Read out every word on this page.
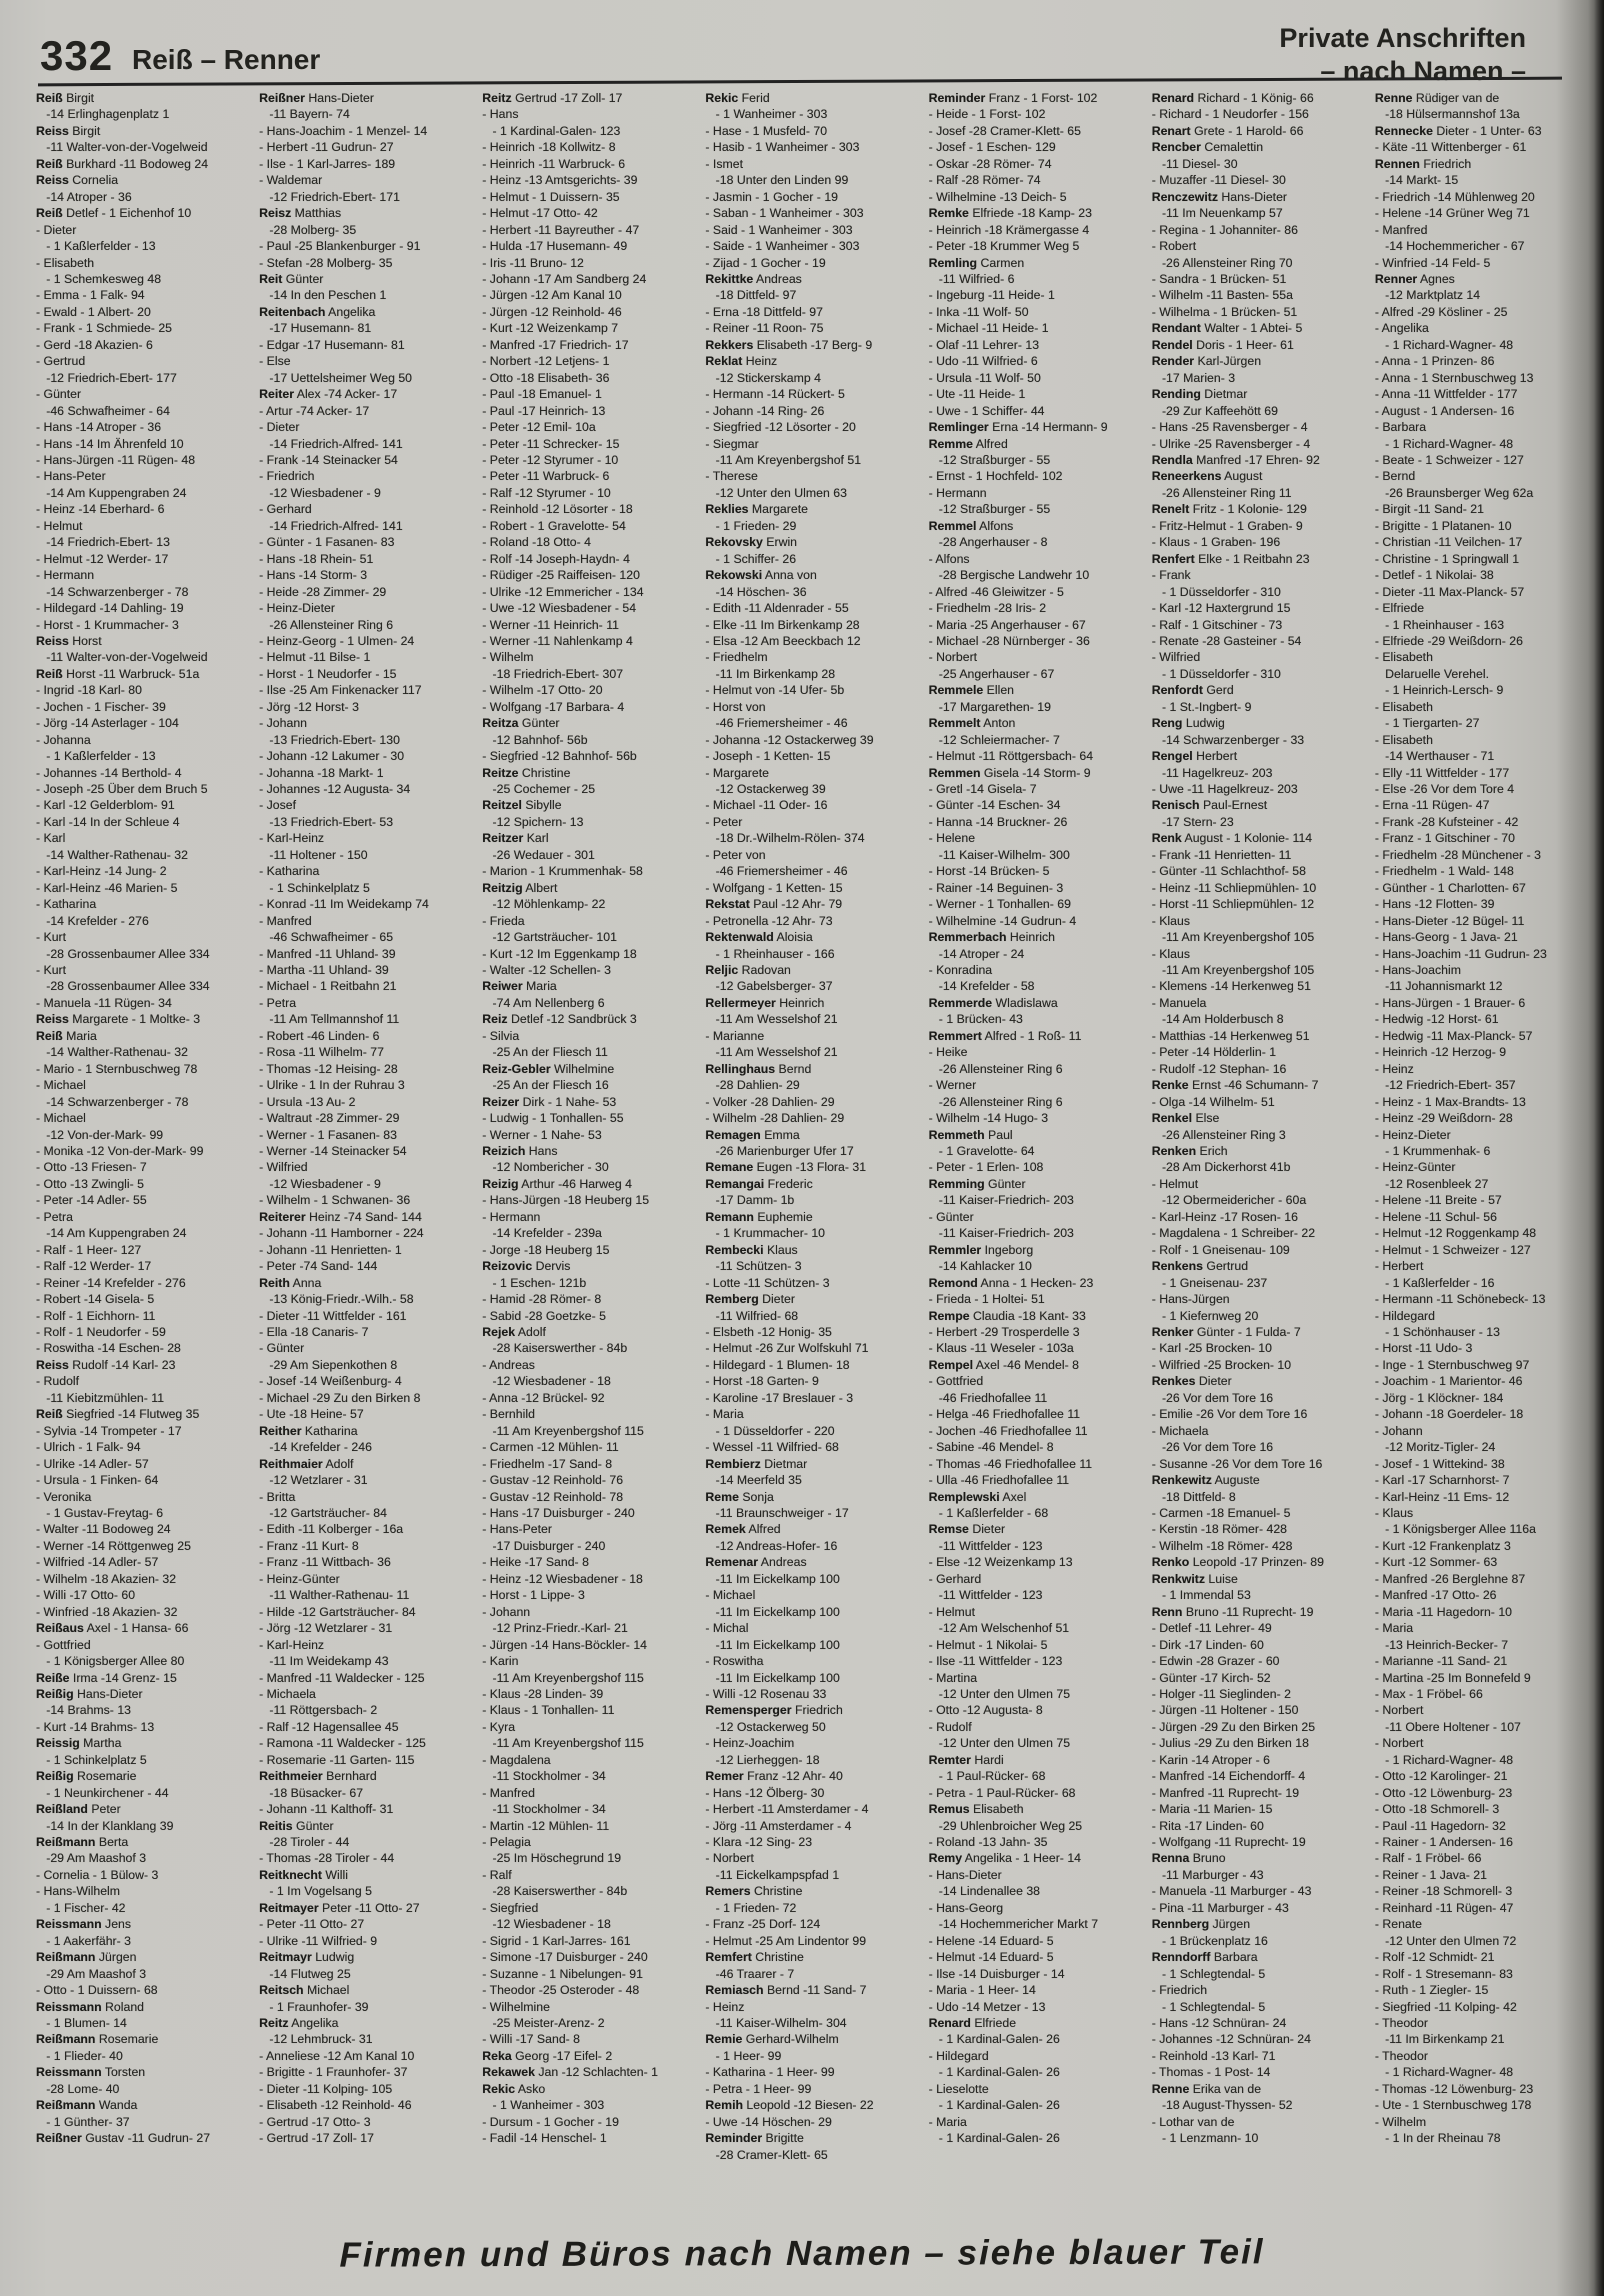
332 Reiß – Renner
Private Anschriften
– nach Namen –
Reiß Birgit
-14 Erlinghagenplatz 1
Reiss Birgit
-11 Walter-von-der-Vogelweid
Reiß Burkhard -11 Bodoweg 24
Reiss Cornelia
-14 Atroper - 36
Reiß Detlef - 1 Eichenhof 10
- Dieter
- 1 Kaßlerfelder - 13
- Elisabeth
- 1 Schemkesweg 48
- Emma - 1 Falk- 94
- Ewald - 1 Albert- 20
- Frank - 1 Schmiede- 25
- Gerd -18 Akazien- 6
- Gertrud
-12 Friedrich-Ebert- 177
- Günter
-46 Schwafheimer - 64
- Hans -14 Atroper - 36
- Hans -14 Im Ährenfeld 10
- Hans-Jürgen -11 Rügen- 48
- Hans-Peter
-14 Am Kuppengraben 24
- Heinz -14 Eberhard- 6
- Helmut
-14 Friedrich-Ebert- 13
- Helmut -12 Werder- 17
- Hermann
-14 Schwarzenberger - 78
- Hildegard -14 Dahling- 19
- Horst - 1 Krummacher- 3
Reiss Horst
-11 Walter-von-der-Vogelweid
Reiß Horst -11 Warbruck- 51a
- Ingrid -18 Karl- 80
- Jochen - 1 Fischer- 39
- Jörg -14 Asterlager - 104
- Johanna
- 1 Kaßlerfelder - 13
- Johannes -14 Berthold- 4
- Joseph -25 Über dem Bruch 5
- Karl -12 Gelderblom- 91
- Karl -14 In der Schleue 4
- Karl
-14 Walther-Rathenau- 32
- Karl-Heinz -14 Jung- 2
- Karl-Heinz -46 Marien- 5
- Katharina
-14 Krefelder - 276
- Kurt
-28 Grossenbaumer Allee 334
- Kurt
-28 Grossenbaumer Allee 334
- Manuela -11 Rügen- 34
Reiss Margarete - 1 Moltke- 3
Reiß Maria
-14 Walther-Rathenau- 32
- Mario - 1 Sternbuschweg 78
- Michael
-14 Schwarzenberger - 78
- Michael
-12 Von-der-Mark- 99
- Monika -12 Von-der-Mark- 99
- Otto -13 Friesen- 7
- Otto -13 Zwingli- 5
- Peter -14 Adler- 55
- Petra
-14 Am Kuppengraben 24
- Ralf - 1 Heer- 127
- Ralf -12 Werder- 17
- Reiner -14 Krefelder - 276
- Robert -14 Gisela- 5
- Rolf - 1 Eichhorn- 11
- Rolf - 1 Neudorfer - 59
- Roswitha -14 Eschen- 28
Reiss Rudolf -14 Karl- 23
- Rudolf
-11 Kiebitzmühlen- 11
Reiß Siegfried -14 Flutweg 35
- Sylvia -14 Trompeter - 17
- Ulrich - 1 Falk- 94
- Ulrike -14 Adler- 57
- Ursula - 1 Finken- 64
- Veronika
- 1 Gustav-Freytag- 6
- Walter -11 Bodoweg 24
- Werner -14 Röttgenweg 25
- Wilfried -14 Adler- 57
- Wilhelm -18 Akazien- 32
- Willi -17 Otto- 60
- Winfried -18 Akazien- 32
Reißaus Axel - 1 Hansa- 66
- Gottfried
- 1 Königsberger Allee 80
Reiße Irma -14 Grenz- 15
Reißig Hans-Dieter
-14 Brahms- 13
- Kurt -14 Brahms- 13
Reissig Martha
- 1 Schinkelplatz 5
Reißig Rosemarie
- 1 Neunkirchener - 44
Reißland Peter
-14 In der Klanklang 39
Reißmann Berta
-29 Am Maashof 3
- Cornelia - 1 Bülow- 3
- Hans-Wilhelm
- 1 Fischer- 42
Reissmann Jens
- 1 Aakerfähr- 3
Reißmann Jürgen
-29 Am Maashof 3
- Otto - 1 Duissern- 68
Reissmann Roland
- 1 Blumen- 14
Reißmann Rosemarie
- 1 Flieder- 40
Reissmann Torsten
-28 Lome- 40
Reißmann Wanda
- 1 Günther- 37
Reißner Gustav -11 Gudrun- 27
Reißner Hans-Dieter
-11 Bayern- 74
- Hans-Joachim - 1 Menzel- 14
- Herbert -11 Gudrun- 27
- Ilse - 1 Karl-Jarres- 189
- Waldemar
-12 Friedrich-Ebert- 171
Reisz Matthias
-28 Molberg- 35
- Paul -25 Blankenburger - 91
- Stefan -28 Molberg- 35
Reit Günter
-14 In den Peschen 1
Reitenbach Angelika
-17 Husemann- 81
- Edgar -17 Husemann- 81
- Else
-17 Uettelsheimer Weg 50
Reiter Alex -74 Acker- 17
- Artur -74 Acker- 17
- Dieter
-14 Friedrich-Alfred- 141
- Frank -14 Steinacker 54
- Friedrich
-12 Wiesbadener - 9
- Gerhard
-14 Friedrich-Alfred- 141
- Günter - 1 Fasanen- 83
- Hans -18 Rhein- 51
- Hans -14 Storm- 3
- Heide -28 Zimmer- 29
- Heinz-Dieter
-26 Allensteiner Ring 6
- Heinz-Georg - 1 Ulmen- 24
- Helmut -11 Bilse- 1
- Horst - 1 Neudorfer - 15
- Ilse -25 Am Finkenacker 117
- Jörg -12 Horst- 3
- Johann
-13 Friedrich-Ebert- 130
- Johann -12 Lakumer - 30
- Johanna -18 Markt- 1
- Johannes -12 Augusta- 34
- Josef
-13 Friedrich-Ebert- 53
- Karl-Heinz
-11 Holtener - 150
- Katharina
- 1 Schinkelplatz 5
- Konrad -11 Im Weidekamp 74
- Manfred
-46 Schwafheimer - 65
- Manfred -11 Uhland- 39
- Martha -11 Uhland- 39
- Michael - 1 Reitbahn 21
- Petra
-11 Am Tellmannshof 11
- Robert -46 Linden- 6
- Rosa -11 Wilhelm- 77
- Thomas -12 Heising- 28
- Ulrike - 1 In der Ruhrau 3
- Ursula -13 Au- 2
- Waltraut -28 Zimmer- 29
- Werner - 1 Fasanen- 83
- Werner -14 Steinacker 54
- Wilfried
-12 Wiesbadener - 9
- Wilhelm - 1 Schwanen- 36
Reiterer Heinz -74 Sand- 144
- Johann -11 Hamborner - 224
- Johann -11 Henrietten- 1
- Peter -74 Sand- 144
Reith Anna
-13 König-Friedr.-Wilh.- 58
- Dieter -11 Wittfelder - 161
- Ella -18 Canaris- 7
- Günter
-29 Am Siepenkothen 8
- Josef -14 Weißenburg- 4
- Michael -29 Zu den Birken 8
- Ute -18 Heine- 57
Reither Katharina
-14 Krefelder - 246
Reithmaier Adolf
-12 Wetzlarer - 31
- Britta
-12 Gartsträucher- 84
- Edith -11 Kolberger - 16a
- Franz -11 Kurt- 8
- Franz -11 Wittbach- 36
- Heinz-Günter
-11 Walther-Rathenau- 11
- Hilde -12 Gartsträucher- 84
- Jörg -12 Wetzlarer - 31
- Karl-Heinz
-11 Im Weidekamp 43
- Manfred -11 Waldecker - 125
- Michaela
-11 Röttgersbach- 2
- Ralf -12 Hagensallee 45
- Ramona -11 Waldecker - 125
- Rosemarie -11 Garten- 115
Reithmeier Bernhard
-18 Büsacker- 67
- Johann -11 Kalthoff- 31
Reitis Günter
-28 Tiroler - 44
- Thomas -28 Tiroler - 44
Reitknecht Willi
- 1 Im Vogelsang 5
Reitmayer Peter -11 Otto- 27
- Peter -11 Otto- 27
- Ulrike -11 Wilfried- 9
Reitmayr Ludwig
-14 Flutweg 25
Reitsch Michael
- 1 Fraunhofer- 39
Reitz Angelika
-12 Lehmbruck- 31
- Anneliese -12 Am Kanal 10
- Brigitte - 1 Fraunhofer- 37
- Dieter -11 Kolping- 105
- Elisabeth -12 Reinhold- 46
- Gertrud -17 Otto- 3
- Gertrud -17 Zoll- 17
Reitz Gertrud -17 Zoll- 17
- Hans
- 1 Kardinal-Galen- 123
- Heinrich -18 Kollwitz- 8
- Heinrich -11 Warbruck- 6
- Heinz -13 Amtsgerichts- 39
- Helmut - 1 Duissern- 35
- Helmut -17 Otto- 42
- Herbert -11 Bayreuther - 47
- Hulda -17 Husemann- 49
- Iris -11 Bruno- 12
- Johann -17 Am Sandberg 24
- Jürgen -12 Am Kanal 10
- Jürgen -12 Reinhold- 46
- Kurt -12 Weizenkamp 7
- Manfred -17 Friedrich- 17
- Norbert -12 Letjens- 1
- Otto -18 Elisabeth- 36
- Paul -18 Emanuel- 1
- Paul -17 Heinrich- 13
- Peter -12 Emil- 10a
- Peter -11 Schrecker- 15
- Peter -12 Styrumer - 10
- Peter -11 Warbruck- 6
- Ralf -12 Styrumer - 10
- Reinhold -12 Lösorter - 18
- Robert - 1 Gravelotte- 54
- Roland -18 Otto- 4
- Rolf -14 Joseph-Haydn- 4
- Rüdiger -25 Raiffeisen- 120
- Ulrike -12 Emmericher - 134
- Uwe -12 Wiesbadener - 54
- Werner -11 Heinrich- 11
- Werner -11 Nahlenkamp 4
- Wilhelm
-18 Friedrich-Ebert- 307
- Wilhelm -17 Otto- 20
- Wolfgang -17 Barbara- 4
Reitza Günter
-12 Bahnhof- 56b
- Siegfried -12 Bahnhof- 56b
Reitze Christine
-25 Cochemer - 25
Reitzel Sibylle
-12 Spichern- 13
Reitzer Karl
-26 Wedauer - 301
- Marion - 1 Krummenhak- 58
Reitzig Albert
-12 Möhlenkamp- 22
- Frieda
-12 Gartsträucher- 101
- Kurt -12 Im Eggenkamp 18
- Walter -12 Schellen- 3
Reiwer Maria
-74 Am Nellenberg 6
Reiz Detlef -12 Sandbrück 3
- Silvia
-25 An der Fliesch 11
Reiz-Gebler Wilhelmine
-25 An der Fliesch 16
Reizer Dirk - 1 Nahe- 53
- Ludwig - 1 Tonhallen- 55
- Werner - 1 Nahe- 53
Reizich Hans
-12 Nombericher - 30
Reizig Arthur -46 Harweg 4
- Hans-Jürgen -18 Heuberg 15
- Hermann
-14 Krefelder - 239a
- Jorge -18 Heuberg 15
Reizovic Dervis
- 1 Eschen- 121b
- Hamid -28 Römer- 8
- Sabid -28 Goetzke- 5
Rejek Adolf
-28 Kaiserswerther - 84b
- Andreas
-12 Wiesbadener - 18
- Anna -12 Brückel- 92
- Bernhild
-11 Am Kreyenbergshof 115
- Carmen -12 Mühlen- 11
- Friedhelm -17 Sand- 8
- Gustav -12 Reinhold- 76
- Gustav -12 Reinhold- 78
- Hans -17 Duisburger - 240
- Hans-Peter
-17 Duisburger - 240
- Heike -17 Sand- 8
- Heinz -12 Wiesbadener - 18
- Horst - 1 Lippe- 3
- Johann
-12 Prinz-Friedr.-Karl- 21
- Jürgen -14 Hans-Böckler- 14
- Karin
-11 Am Kreyenbergshof 115
- Klaus -28 Linden- 39
- Klaus - 1 Tonhallen- 11
- Kyra
-11 Am Kreyenbergshof 115
- Magdalena
-11 Stockholmer - 34
- Manfred
-11 Stockholmer - 34
- Martin -12 Mühlen- 11
- Pelagia
-25 Im Höschegrund 19
- Ralf
-28 Kaiserswerther - 84b
- Siegfried
-12 Wiesbadener - 18
- Sigrid - 1 Karl-Jarres- 161
- Simone -17 Duisburger - 240
- Suzanne - 1 Nibelungen- 91
- Theodor -25 Osteroder - 48
- Wilhelmine
-25 Meister-Arenz- 2
- Willi -17 Sand- 8
Reka Georg -17 Eifel- 2
Rekawek Jan -12 Schlachten- 1
Rekic Asko
- 1 Wanheimer - 303
- Dursum - 1 Gocher - 19
- Fadil -14 Henschel- 1
Rekic Ferid
- 1 Wanheimer - 303
- Hase - 1 Musfeld- 70
- Hasib - 1 Wanheimer - 303
- Ismet
-18 Unter den Linden 99
- Jasmin - 1 Gocher - 19
- Saban - 1 Wanheimer - 303
- Said - 1 Wanheimer - 303
- Saide - 1 Wanheimer - 303
- Zijad - 1 Gocher - 19
Rekittke Andreas
-18 Dittfeld- 97
- Erna -18 Dittfeld- 97
- Reiner -11 Roon- 75
Rekkers Elisabeth -17 Berg- 9
Reklat Heinz
-12 Stickerskamp 4
- Hermann -14 Rückert- 5
- Johann -14 Ring- 26
- Siegfried -12 Lösorter - 20
- Siegmar
-11 Am Kreyenbergshof 51
- Therese
-12 Unter den Ulmen 63
Reklies Margarete
- 1 Frieden- 29
Rekovsky Erwin
- 1 Schiffer- 26
Rekowski Anna von
-14 Höschen- 36
- Edith -11 Aldenrader - 55
- Elke -11 Im Birkenkamp 28
- Elsa -12 Am Beeckbach 12
- Friedhelm
-11 Im Birkenkamp 28
- Helmut von -14 Ufer- 5b
- Horst von
-46 Friemersheimer - 46
- Johanna -12 Ostackerweg 39
- Joseph - 1 Ketten- 15
- Margarete
-12 Ostackerweg 39
- Michael -11 Oder- 16
- Peter
-18 Dr.-Wilhelm-Rölen- 374
- Peter von
-46 Friemersheimer - 46
- Wolfgang - 1 Ketten- 15
Rekstat Paul -12 Ahr- 79
- Petronella -12 Ahr- 73
Rektenwald Aloisia
- 1 Rheinhauser - 166
Reljic Radovan
-12 Gabelsberger- 37
Rellermeyer Heinrich
-11 Am Wesselshof 21
- Marianne
-11 Am Wesselshof 21
Rellinghaus Bernd
-28 Dahlien- 29
- Volker -28 Dahlien- 29
- Wilhelm -28 Dahlien- 29
Remagen Emma
-26 Marienburger Ufer 17
Remane Eugen -13 Flora- 31
Remangai Frederic
-17 Damm- 1b
Remann Euphemie
- 1 Krummacher- 10
Rembecki Klaus
-11 Schützen- 3
- Lotte -11 Schützen- 3
Remberg Dieter
-11 Wilfried- 68
- Elsbeth -12 Honig- 35
- Helmut -26 Zur Wolfskuhl 71
- Hildegard - 1 Blumen- 18
- Horst -18 Garten- 9
- Karoline -17 Breslauer - 3
- Maria
- 1 Düsseldorfer - 220
- Wessel -11 Wilfried- 68
Rembierz Dietmar
-14 Meerfeld 35
Reme Sonja
-11 Braunschweiger - 17
Remek Alfred
-12 Andreas-Hofer- 16
Remenar Andreas
-11 Im Eickelkamp 100
- Michael
-11 Im Eickelkamp 100
- Michal
-11 Im Eickelkamp 100
- Roswitha
-11 Im Eickelkamp 100
- Willi -12 Rosenau 33
Remensperger Friedrich
-12 Ostackerweg 50
- Heinz-Joachim
-12 Lierheggen- 18
Remer Franz -12 Ahr- 40
- Hans -12 Ölberg- 30
- Herbert -11 Amsterdamer - 4
- Jörg -11 Amsterdamer - 4
- Klara -12 Sing- 23
- Norbert
-11 Eickelkampspfad 1
Remers Christine
- 1 Frieden- 72
- Franz -25 Dorf- 124
- Helmut -25 Am Lindentor 99
Remfert Christine
-46 Traarer - 7
Remiasch Bernd -11 Sand- 7
- Heinz
-11 Kaiser-Wilhelm- 304
Remie Gerhard-Wilhelm
- 1 Heer- 99
- Katharina - 1 Heer- 99
- Petra - 1 Heer- 99
Remih Leopold -12 Biesen- 22
- Uwe -14 Höschen- 29
Reminder Brigitte
-28 Cramer-Klett- 65
Reminder Franz - 1 Forst- 102
- Heide - 1 Forst- 102
- Josef -28 Cramer-Klett- 65
- Josef - 1 Eschen- 129
- Oskar -28 Römer- 74
- Ralf -28 Römer- 74
- Wilhelmine -13 Deich- 5
Remke Elfriede -18 Kamp- 23
- Heinrich -18 Krämergasse 4
- Peter -18 Krummer Weg 5
Remling Carmen
-11 Wilfried- 6
- Ingeburg -11 Heide- 1
- Inka -11 Wolf- 50
- Michael -11 Heide- 1
- Olaf -11 Lehrer- 13
- Udo -11 Wilfried- 6
- Ursula -11 Wolf- 50
- Ute -11 Heide- 1
- Uwe - 1 Schiffer- 44
Remlinger Erna -14 Hermann- 9
Remme Alfred
-12 Straßburger - 55
- Ernst - 1 Hochfeld- 102
- Hermann
-12 Straßburger - 55
Remmel Alfons
-28 Angerhauser - 8
- Alfons
-28 Bergische Landwehr 10
- Alfred -46 Gleiwitzer - 5
- Friedhelm -28 Iris- 2
- Maria -25 Angerhauser - 67
- Michael -28 Nürnberger - 36
- Norbert
-25 Angerhauser - 67
Remmele Ellen
-17 Margarethen- 19
Remmelt Anton
-12 Schleiermacher- 7
- Helmut -11 Röttgersbach- 64
Remmen Gisela -14 Storm- 9
- Gretl -14 Gisela- 7
- Günter -14 Eschen- 34
- Hanna -14 Bruckner- 26
- Helene
-11 Kaiser-Wilhelm- 300
- Horst -14 Brücken- 5
- Rainer -14 Beguinen- 3
- Werner - 1 Tonhallen- 69
- Wilhelmine -14 Gudrun- 4
Remmerbach Heinrich
-14 Atroper - 24
- Konradina
-14 Krefelder - 58
Remmerde Wladislawa
- 1 Brücken- 43
Remmert Alfred - 1 Roß- 11
- Heike
-26 Allensteiner Ring 6
- Werner
-26 Allensteiner Ring 6
- Wilhelm -14 Hugo- 3
Remmeth Paul
- 1 Gravelotte- 64
- Peter - 1 Erlen- 108
Remming Günter
-11 Kaiser-Friedrich- 203
- Günter
-11 Kaiser-Friedrich- 203
Remmler Ingeborg
-14 Kahlacker 10
Remond Anna - 1 Hecken- 23
- Frieda - 1 Holtei- 51
Rempe Claudia -18 Kant- 33
- Herbert -29 Trosperdelle 3
- Klaus -11 Weseler - 103a
Rempel Axel -46 Mendel- 8
- Gottfried
-46 Friedhofallee 11
- Helga -46 Friedhofallee 11
- Jochen -46 Friedhofallee 11
- Sabine -46 Mendel- 8
- Thomas -46 Friedhofallee 11
- Ulla -46 Friedhofallee 11
Remplewski Axel
- 1 Kaßlerfelder - 68
Remse Dieter
-11 Wittfelder - 123
- Else -12 Weizenkamp 13
- Gerhard
-11 Wittfelder - 123
- Helmut
-12 Am Welschenhof 51
- Helmut - 1 Nikolai- 5
- Ilse -11 Wittfelder - 123
- Martina
-12 Unter den Ulmen 75
- Otto -12 Augusta- 8
- Rudolf
-12 Unter den Ulmen 75
Remter Hardi
- 1 Paul-Rücker- 68
- Petra - 1 Paul-Rücker- 68
Remus Elisabeth
-29 Uhlenbroicher Weg 25
- Roland -13 Jahn- 35
Remy Angelika - 1 Heer- 14
- Hans-Dieter
-14 Lindenallee 38
- Hans-Georg
-14 Hochemmericher Markt 7
- Helene -14 Eduard- 5
- Helmut -14 Eduard- 5
- Ilse -14 Duisburger - 14
- Maria - 1 Heer- 14
- Udo -14 Metzer - 13
Renard Elfriede
- 1 Kardinal-Galen- 26
- Hildegard
- 1 Kardinal-Galen- 26
- Lieselotte
- 1 Kardinal-Galen- 26
- Maria
- 1 Kardinal-Galen- 26
Renard Richard - 1 König- 66
- Richard - 1 Neudorfer - 156
Renart Grete - 1 Harold- 66
Rencber Cemalettin
-11 Diesel- 30
- Muzaffer -11 Diesel- 30
Renczewitz Hans-Dieter
-11 Im Neuenkamp 57
- Regina - 1 Johanniter- 86
- Robert
-26 Allensteiner Ring 70
- Sandra - 1 Brücken- 51
- Wilhelm -11 Basten- 55a
- Wilhelma - 1 Brücken- 51
Rendant Walter - 1 Abtei- 5
Rendel Doris - 1 Heer- 61
Render Karl-Jürgen
-17 Marien- 3
Rending Dietmar
-29 Zur Kaffeehött 69
- Hans -25 Ravensberger - 4
- Ulrike -25 Ravensberger - 4
Rendla Manfred -17 Ehren- 92
Reneerkens August
-26 Allensteiner Ring 11
Renelt Fritz - 1 Kolonie- 129
- Fritz-Helmut - 1 Graben- 9
- Klaus - 1 Graben- 196
Renfert Elke - 1 Reitbahn 23
- Frank
- 1 Düsseldorfer - 310
- Karl -12 Haxtergrund 15
- Ralf - 1 Gitschiner - 73
- Renate -28 Gasteiner - 54
- Wilfried
- 1 Düsseldorfer - 310
Renfordt Gerd
- 1 St.-Ingbert- 9
Reng Ludwig
-14 Schwarzenberger - 33
Rengel Herbert
-11 Hagelkreuz- 203
- Uwe -11 Hagelkreuz- 203
Renisch Paul-Ernest
-17 Stern- 23
Renk August - 1 Kolonie- 114
- Frank -11 Henrietten- 11
- Günter -11 Schlachthof- 58
- Heinz -11 Schliepmühlen- 10
- Horst -11 Schliepmühlen- 12
- Klaus
-11 Am Kreyenbergshof 105
- Klaus
-11 Am Kreyenbergshof 105
- Klemens -14 Herkenweg 51
- Manuela
-14 Am Holderbusch 8
- Matthias -14 Herkenweg 51
- Peter -14 Hölderlin- 1
- Rudolf -12 Stephan- 16
Renke Ernst -46 Schumann- 7
- Olga -14 Wilhelm- 51
Renkel Else
-26 Allensteiner Ring 3
Renken Erich
-28 Am Dickerhorst 41b
- Helmut
-12 Obermeidericher - 60a
- Karl-Heinz -17 Rosen- 16
- Magdalena - 1 Schreiber- 22
- Rolf - 1 Gneisenau- 109
Renkens Gertrud
- 1 Gneisenau- 237
- Hans-Jürgen
- 1 Kiefernweg 20
Renker Günter - 1 Fulda- 7
- Karl -25 Brocken- 10
- Wilfried -25 Brocken- 10
Renkes Dieter
-26 Vor dem Tore 16
- Emilie -26 Vor dem Tore 16
- Michaela
-26 Vor dem Tore 16
- Susanne -26 Vor dem Tore 16
Renkewitz Auguste
-18 Dittfeld- 8
- Carmen -18 Emanuel- 5
- Kerstin -18 Römer- 428
- Wilhelm -18 Römer- 428
Renko Leopold -17 Prinzen- 89
Renkwitz Luise
- 1 Immendal 53
Renn Bruno -11 Ruprecht- 19
- Detlef -11 Lehrer- 49
- Dirk -17 Linden- 60
- Edwin -28 Grazer - 60
- Günter -17 Kirch- 52
- Holger -11 Sieglinden- 2
- Jürgen -11 Holtener - 150
- Jürgen -29 Zu den Birken 25
- Julius -29 Zu den Birken 18
- Karin -14 Atroper - 6
- Manfred -14 Eichendorff- 4
- Manfred -11 Ruprecht- 19
- Maria -11 Marien- 15
- Rita -17 Linden- 60
- Wolfgang -11 Ruprecht- 19
Renna Bruno
-11 Marburger - 43
- Manuela -11 Marburger - 43
- Pina -11 Marburger - 43
Rennberg Jürgen
- 1 Brückenplatz 16
Renndorff Barbara
- 1 Schlegtendal- 5
- Friedrich
- 1 Schlegtendal- 5
- Hans -12 Schnüran- 24
- Johannes -12 Schnüran- 24
- Reinhold -13 Karl- 71
- Thomas - 1 Post- 14
Renne Erika van de
-18 August-Thyssen- 52
- Lothar van de
- 1 Lenzmann- 10
Renne Rüdiger van de
-18 Hülsermannshof 13a
Rennecke Dieter - 1 Unter- 63
- Käte -11 Wittenberger - 61
Rennen Friedrich
-14 Markt- 15
- Friedrich -14 Mühlenweg 20
- Helene -14 Grüner Weg 71
- Manfred
-14 Hochemmericher - 67
- Winfried -14 Feld- 5
Renner Agnes
-12 Marktplatz 14
- Alfred -29 Kösliner - 25
- Angelika
- 1 Richard-Wagner- 48
- Anna - 1 Prinzen- 86
- Anna - 1 Sternbuschweg 13
- Anna -11 Wittfelder - 177
- August - 1 Andersen- 16
- Barbara
- 1 Richard-Wagner- 48
- Beate - 1 Schweizer - 127
- Bernd
-26 Braunsberger Weg 62a
- Birgit -11 Sand- 21
- Brigitte - 1 Platanen- 10
- Christian -11 Veilchen- 17
- Christine - 1 Springwall 1
- Detlef - 1 Nikolai- 38
- Dieter -11 Max-Planck- 57
- Elfriede
- 1 Rheinhauser - 163
- Elfriede -29 Weißdorn- 26
- Elisabeth
Delaruelle Verehel.
- 1 Heinrich-Lersch- 9
- Elisabeth
- 1 Tiergarten- 27
- Elisabeth
-14 Werthauser - 71
- Elly -11 Wittfelder - 177
- Else -26 Vor dem Tore 4
- Erna -11 Rügen- 47
- Frank -28 Kufsteiner - 42
- Franz - 1 Gitschiner - 70
- Friedhelm -28 Münchener - 3
- Friedhelm - 1 Wald- 148
- Günther - 1 Charlotten- 67
- Hans -12 Flotten- 39
- Hans-Dieter -12 Bügel- 11
- Hans-Georg - 1 Java- 21
- Hans-Joachim -11 Gudrun- 23
- Hans-Joachim
-11 Johannismarkt 12
- Hans-Jürgen - 1 Brauer- 6
- Hedwig -12 Horst- 61
- Hedwig -11 Max-Planck- 57
- Heinrich -12 Herzog- 9
- Heinz
-12 Friedrich-Ebert- 357
- Heinz - 1 Max-Brandts- 13
- Heinz -29 Weißdorn- 28
- Heinz-Dieter
- 1 Krummenhak- 6
- Heinz-Günter
-12 Rosenbleek 27
- Helene -11 Breite - 57
- Helene -11 Schul- 56
- Helmut -12 Roggenkamp 48
- Helmut - 1 Schweizer - 127
- Herbert
- 1 Kaßlerfelder - 16
- Hermann -11 Schönebeck- 13
- Hildegard
- 1 Schönhauser - 13
- Horst -11 Udo- 3
- Inge - 1 Sternbuschweg 97
- Joachim - 1 Marientor- 46
- Jörg - 1 Klöckner- 184
- Johann -18 Goerdeler- 18
- Johann
-12 Moritz-Tigler- 24
- Josef - 1 Wittekind- 38
- Karl -17 Scharnhorst- 7
- Karl-Heinz -11 Ems- 12
- Klaus
- 1 Königsberger Allee 116a
- Kurt -12 Frankenplatz 3
- Kurt -12 Sommer- 63
- Manfred -26 Berglehne 87
- Manfred -17 Otto- 26
- Maria -11 Hagedorn- 10
- Maria
-13 Heinrich-Becker- 7
- Marianne -11 Sand- 21
- Martina -25 Im Bonnefeld 9
- Max - 1 Fröbel- 66
- Norbert
-11 Obere Holtener - 107
- Norbert
- 1 Richard-Wagner- 48
- Otto -12 Karolinger- 21
- Otto -12 Löwenburg- 23
- Otto -18 Schmorell- 3
- Paul -11 Hagedorn- 32
- Rainer - 1 Andersen- 16
- Ralf - 1 Fröbel- 66
- Reiner - 1 Java- 21
- Reiner -18 Schmorell- 3
- Reinhard -11 Rügen- 47
- Renate
-12 Unter den Ulmen 72
- Rolf -12 Schmidt- 21
- Rolf - 1 Stresemann- 83
- Ruth - 1 Ziegler- 15
- Siegfried -11 Kolping- 42
- Theodor
-11 Im Birkenkamp 21
- Theodor
- 1 Richard-Wagner- 48
- Thomas -12 Löwenburg- 23
- Ute - 1 Sternbuschweg 178
- Wilhelm
- 1 In der Rheinau 78
Firmen und Büros nach Namen – siehe blauer Teil
